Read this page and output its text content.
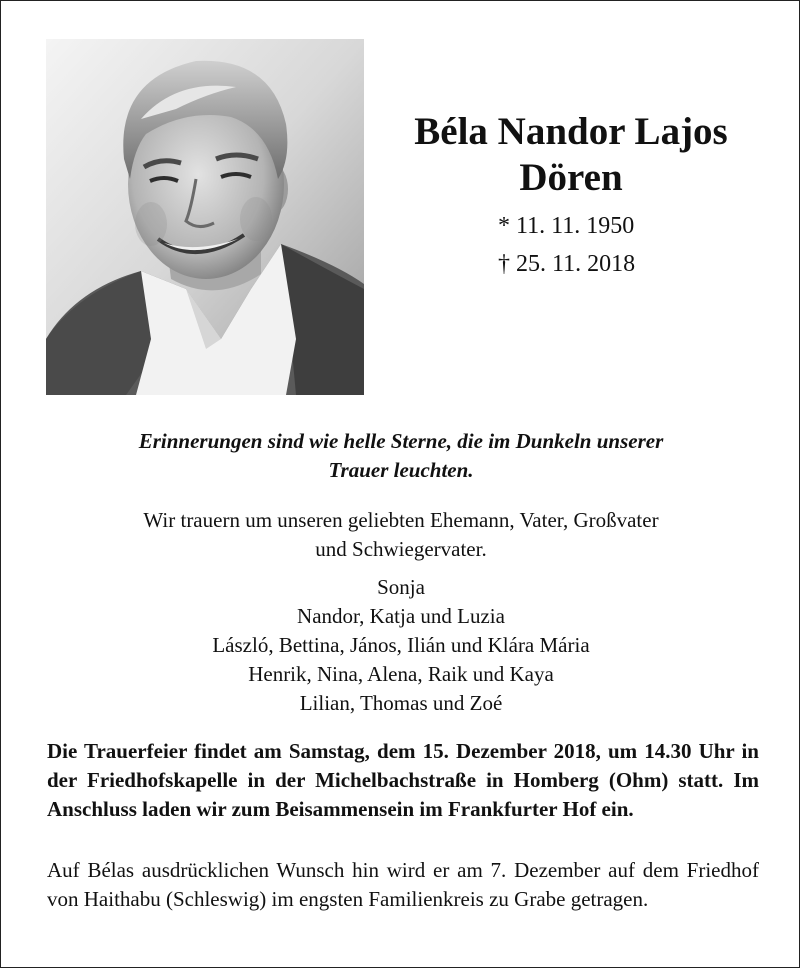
Béla Nandor Lajos
Dören
* 11. 11. 1950
† 25. 11. 2018
Erinnerungen sind wie helle Sterne, die im Dunkeln unserer
Trauer leuchten.
Wir trauern um unseren geliebten Ehemann, Vater, Großvater
und Schwiegervater.
Sonja
Nandor, Katja und Luzia
László, Bettina, János, Ilián und Klára Mária
Henrik, Nina, Alena, Raik und Kaya
Lilian, Thomas und Zoé
Die Trauerfeier findet am Samstag, dem 15. Dezember 2018, um 14.30 Uhr in der Friedhofskapelle in der Michelbachstraße in Homberg (Ohm) statt. Im Anschluss laden wir zum Beisammensein im Frankfurter Hof ein.
Auf Bélas ausdrücklichen Wunsch hin wird er am 7. Dezember auf dem Friedhof von Haithabu (Schleswig) im engsten Familienkreis zu Grabe getragen.
